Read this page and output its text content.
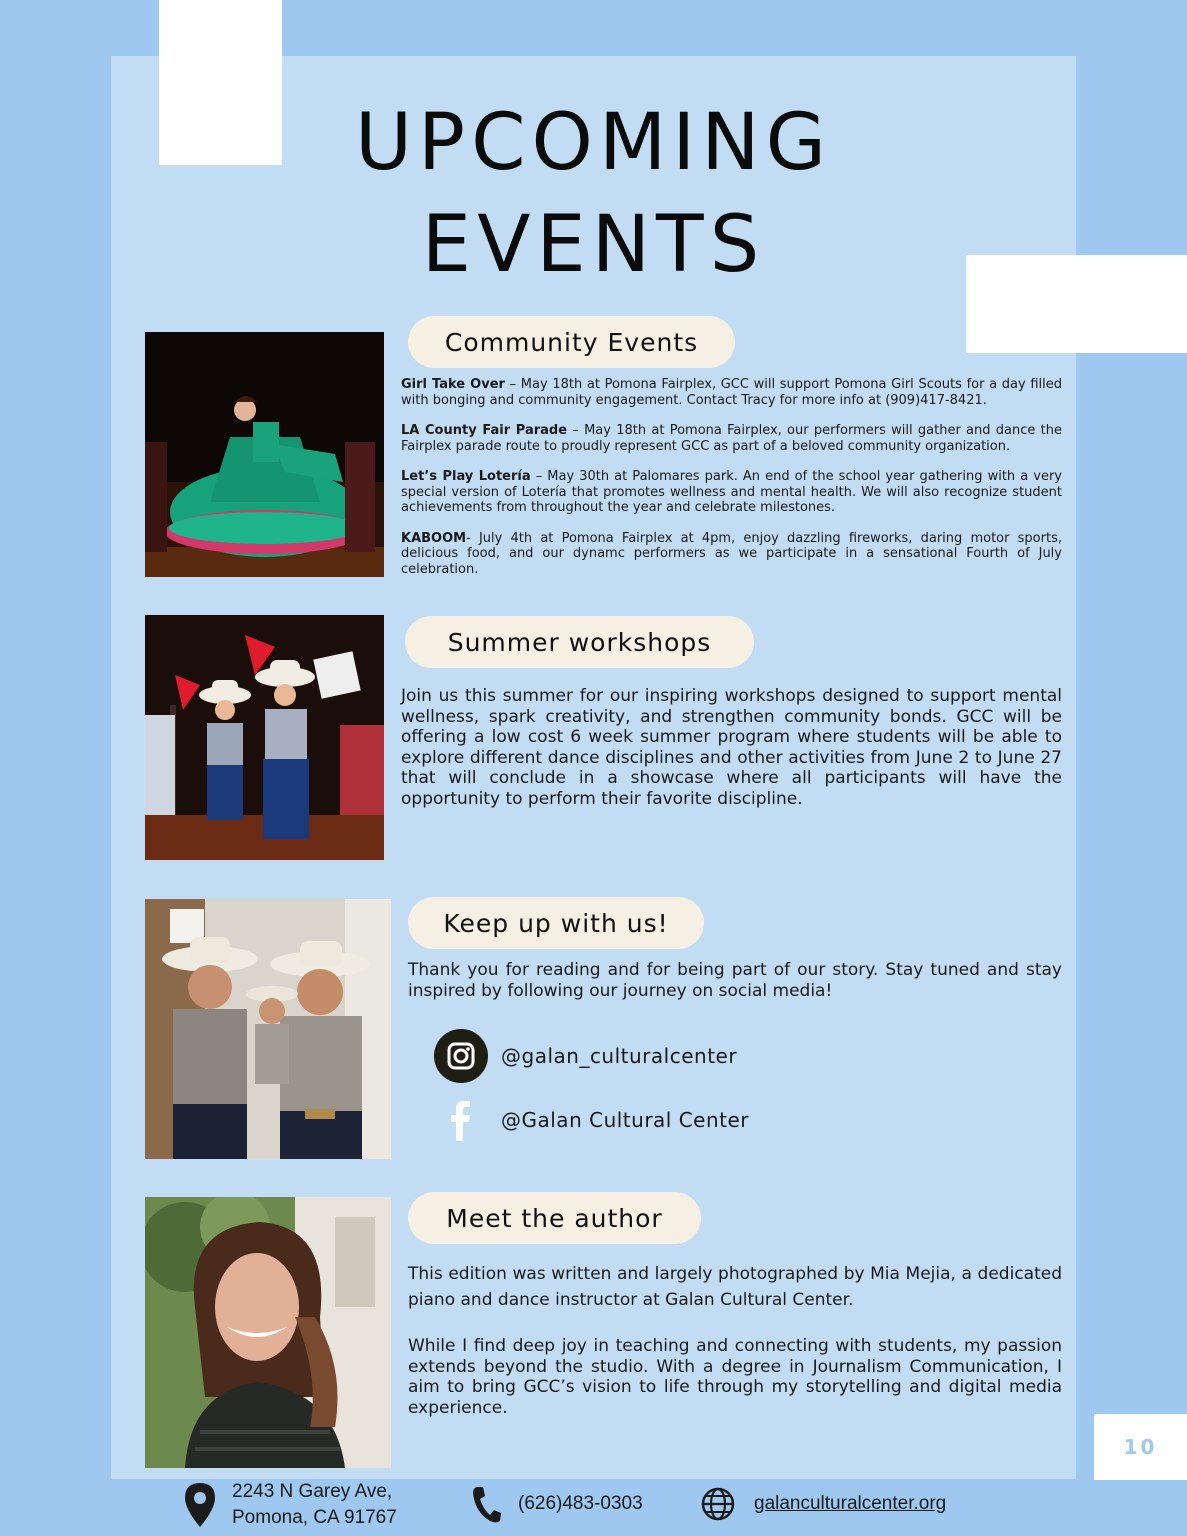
UPCOMING
EVENTS
Community Events

Girl Take Over – May 18th at Pomona Fairplex, GCC will support Pomona Girl Scouts for a day filled with bonging and community engagement. Contact Tracy for more info at (909)417-8421.

LA County Fair Parade – May 18th at Pomona Fairplex, our performers will gather and dance the Fairplex parade route to proudly represent GCC as part of a beloved community organization.

Let’s Play Lotería – May 30th at Palomares park. An end of the school year gathering with a very special version of Lotería that promotes wellness and mental health. We will also recognize student achievements from throughout the year and celebrate milestones.

KABOOM- July 4th at Pomona Fairplex at 4pm, enjoy dazzling fireworks, daring motor sports, delicious food, and our dynamc performers as we participate in a sensational Fourth of July celebration.

Summer workshops
Join us this summer for our inspiring workshops designed to support mental wellness, spark creativity, and strengthen community bonds. GCC will be offering a low cost 6 week summer program where students will be able to explore different dance disciplines and other activities from June 2 to June 27 that will conclude in a showcase where all participants will have the opportunity to perform their favorite discipline.
Keep up with us!
Thank you for reading and for being part of our story. Stay tuned and stay inspired by following our journey on social media!
@galan_culturalcenter
@Galan Cultural Center
Meet the author
This edition was written and largely photographed by Mia Mejia, a dedicated piano and dance instructor at Galan Cultural Center.
While I find deep joy in teaching and connecting with students, my passion extends beyond the studio. With a degree in Journalism Communication, I aim to bring GCC’s vision to life through my storytelling and digital media experience.
10
2243 N Garey Ave,
Pomona, CA 91767
(626)483-0303	galanculturalcenter.org
